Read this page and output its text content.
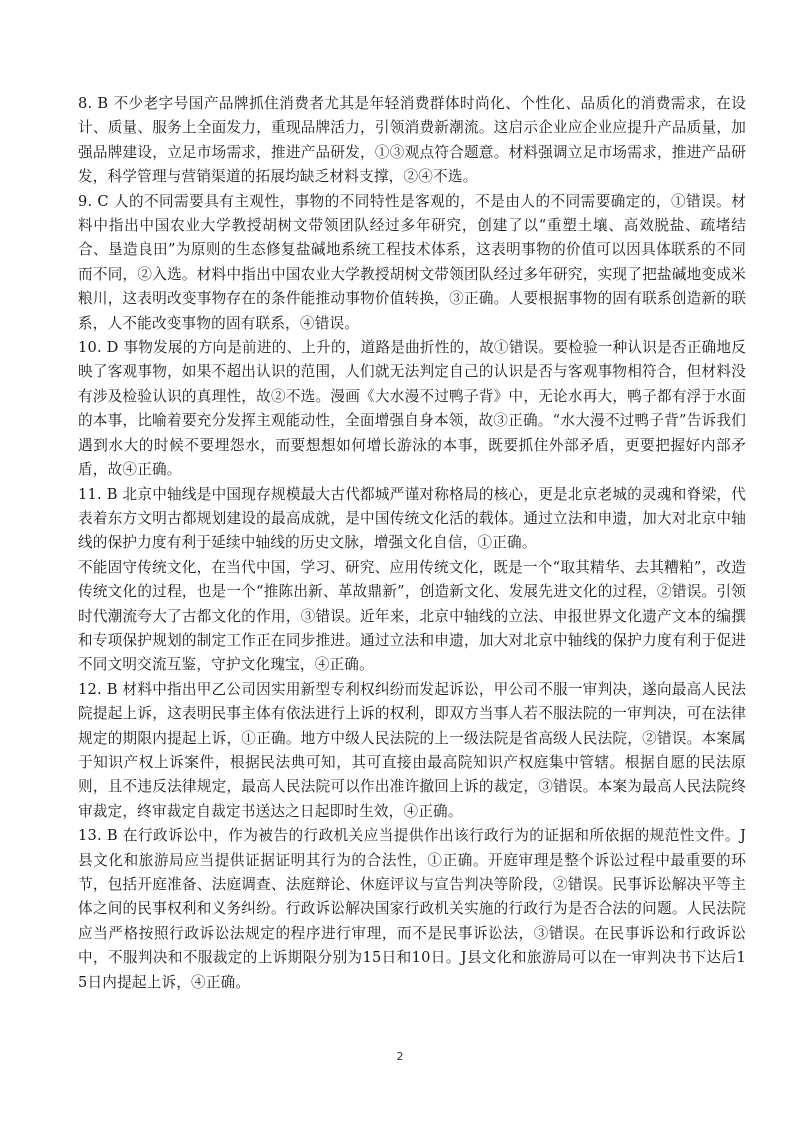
8. B 不少老字号国产品牌抓住消费者尤其是年轻消费群体时尚化、个性化、品质化的消费需求，在设计、质量、服务上全面发力，重现品牌活力，引领消费新潮流。这启示企业应企业应提升产品质量，加强品牌建设，立足市场需求，推进产品研发，①③观点符合题意。材料强调立足市场需求，推进产品研发，科学管理与营销渠道的拓展均缺乏材料支撑，②④不选。

9. C 人的不同需要具有主观性，事物的不同特性是客观的，不是由人的不同需要确定的，①错误。材料中指出中国农业大学教授胡树文带领团队经过多年研究，创建了以“重塑土壤、高效脱盐、疏堵结合、垦造良田”为原则的生态修复盐碱地系统工程技术体系，这表明事物的价值可以因具体联系的不同而不同，②入选。材料中指出中国农业大学教授胡树文带领团队经过多年研究，实现了把盐碱地变成米粮川，这表明改变事物存在的条件能推动事物价值转换，③正确。人要根据事物的固有联系创造新的联系，人不能改变事物的固有联系，④错误。

10. D 事物发展的方向是前进的、上升的，道路是曲折性的，故①错误。要检验一种认识是否正确地反映了客观事物，如果不超出认识的范围，人们就无法判定自己的认识是否与客观事物相符合，但材料没有涉及检验认识的真理性，故②不选。漫画《大水漫不过鸭子背》中，无论水再大，鸭子都有浮于水面的本事，比喻着要充分发挥主观能动性，全面增强自身本领，故③正确。“水大漫不过鸭子背”告诉我们遇到水大的时候不要埋怨水，而要想想如何增长游泳的本事，既要抓住外部矛盾，更要把握好内部矛盾，故④正确。

11. B 北京中轴线是中国现存规模最大古代都城严谨对称格局的核心，更是北京老城的灵魂和脊梁，代表着东方文明古都规划建设的最高成就，是中国传统文化活的载体。通过立法和申遗，加大对北京中轴线的保护力度有利于延续中轴线的历史文脉，增强文化自信，①正确。

不能固守传统文化，在当代中国，学习、研究、应用传统文化，既是一个“取其精华、去其糟粕”，改造传统文化的过程，也是一个“推陈出新、革故鼎新”，创造新文化、发展先进文化的过程，②错误。引领时代潮流夸大了古都文化的作用，③错误。近年来，北京中轴线的立法、申报世界文化遗产文本的编撰和专项保护规划的制定工作正在同步推进。通过立法和申遗，加大对北京中轴线的保护力度有利于促进不同文明交流互鉴，守护文化瑰宝，④正确。

12. B 材料中指出甲乙公司因实用新型专利权纠纷而发起诉讼，甲公司不服一审判决，遂向最高人民法院提起上诉，这表明民事主体有依法进行上诉的权利，即双方当事人若不服法院的一审判决，可在法律规定的期限内提起上诉，①正确。地方中级人民法院的上一级法院是省高级人民法院，②错误。本案属于知识产权上诉案件，根据民法典可知，其可直接由最高院知识产权庭集中管辖。根据自愿的民法原则，且不违反法律规定，最高人民法院可以作出准许撤回上诉的裁定，③错误。本案为最高人民法院终审裁定，终审裁定自裁定书送达之日起即时生效，④正确。

13. B 在行政诉讼中，作为被告的行政机关应当提供作出该行政行为的证据和所依据的规范性文件。J县文化和旅游局应当提供证据证明其行为的合法性，①正确。开庭审理是整个诉讼过程中最重要的环节，包括开庭准备、法庭调查、法庭辩论、休庭评议与宣告判决等阶段，②错误。民事诉讼解决平等主体之间的民事权利和义务纠纷。行政诉讼解决国家行政机关实施的行政行为是否合法的问题。人民法院应当严格按照行政诉讼法规定的程序进行审理，而不是民事诉讼法，③错误。在民事诉讼和行政诉讼中，不服判决和不服裁定的上诉期限分别为15日和10日。J县文化和旅游局可以在一审判决书下达后15日内提起上诉，④正确。

2
